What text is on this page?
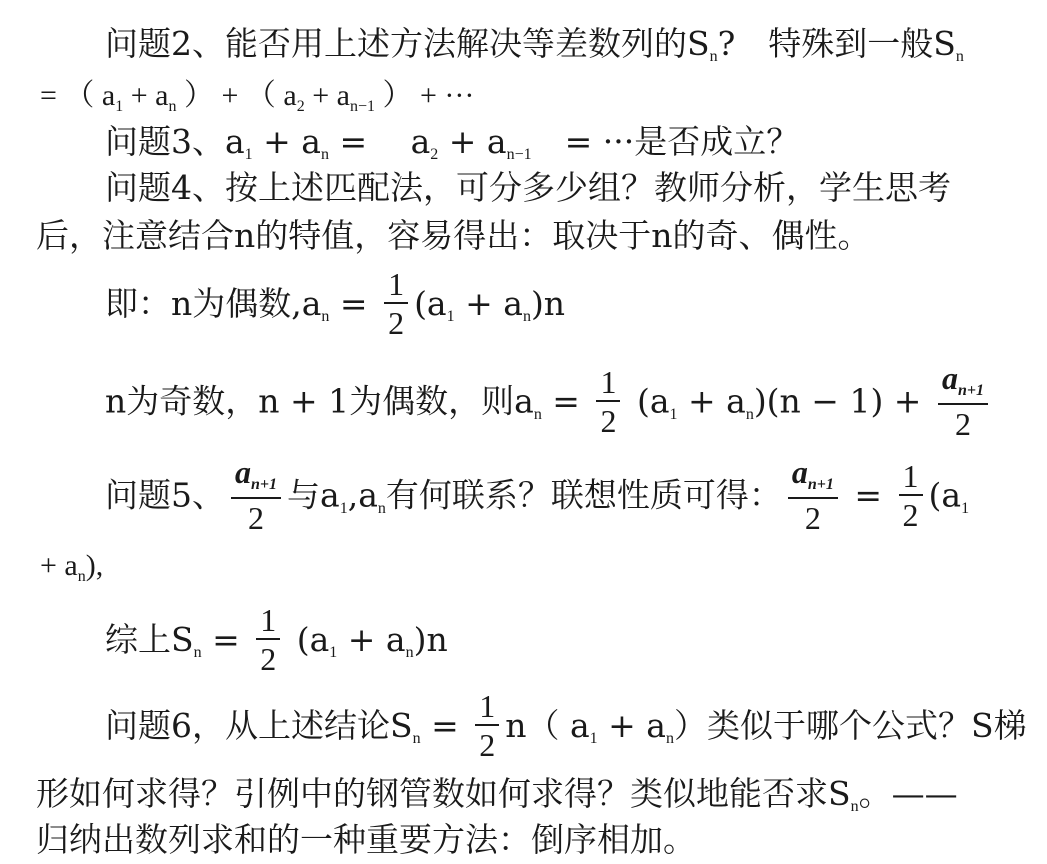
问题2、能否用上述方法解决等差数列的Sn?　特殊到一般Sn
= （ $a_1 + a_n$ ） + （ $a_2 + a_{n-1}$ ） + ···
问题3、a1 + an = 　a2 + an−1　= ···是否成立？
问题4、按上述匹配法，可分多少组？教师分析，学生思考
后，注意结合n的特值，容易得出：取决于n的奇、偶性。
即：n为偶数$,an = \frac{1}{2} (a1 + an)n$
n为奇数，n + 1为偶数，则an = $\frac{1}{2} (a1 + an)(n - 1) + \frac{an+1}{2}$
问题5、 $\frac{an+1}{2}$ 与a1,an有何联系？联想性质可得： $\frac{an+1}{2} = \frac{1}{2} (a1$
+ $a_n$),
综上$Sn = \frac{1}{2} (a1 + an)n$
问题6，从上述结论$Sn = \frac{1}{2} n$（ a1 + an）类似于哪个公式？S梯
形如何求得？引例中的钢管数如何求得？类似地能否求Sn。——
归纳出数列求和的一种重要方法：倒序相加。
